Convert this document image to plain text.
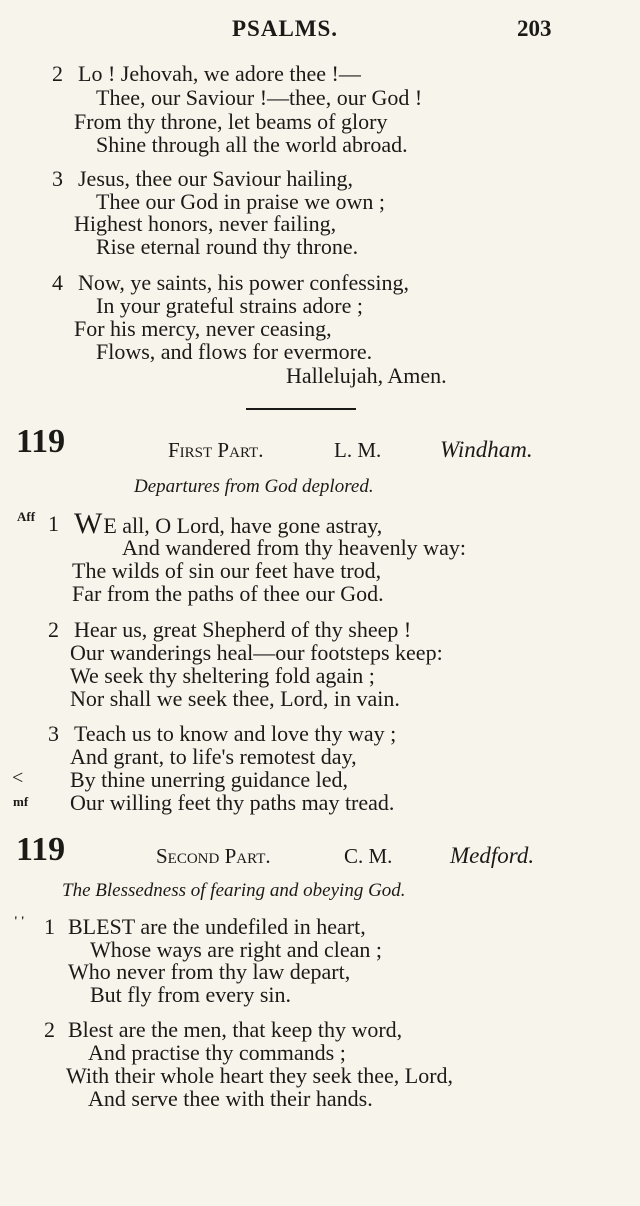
PSALMS.	203
2 Lo ! Jehovah, we adore thee !—
Thee, our Saviour !—thee, our God !
From thy throne, let beams of glory
Shine through all the world abroad.
3 Jesus, thee our Saviour hailing,
Thee our God in praise we own ;
Highest honors, never failing,
Rise eternal round thy throne.
4 Now, ye saints, his power confessing,
In your grateful strains adore ;
For his mercy, never ceasing,
Flows, and flows for evermore.
Hallelujah, Amen.
119	First Part.	L. M.	Windham.
Departures from God deplored.
Aff 1 WE all, O Lord, have gone astray,
And wandered from thy heavenly way:
The wilds of sin our feet have trod,
Far from the paths of thee our God.
2 Hear us, great Shepherd of thy sheep !
Our wanderings heal—our footsteps keep:
We seek thy sheltering fold again ;
Nor shall we seek thee, Lord, in vain.
3 Teach us to know and love thy way ;
And grant, to life's remotest day,
< By thine unerring guidance led,
mf Our willing feet thy paths may tread.
119	Second Part.	C. M.	Medford.
The Blessedness of fearing and obeying God.
' ' 1 BLEST are the undefiled in heart,
Whose ways are right and clean ;
Who never from thy law depart,
But fly from every sin.
2 Blest are the men, that keep thy word,
And practise thy commands ;
With their whole heart they seek thee, Lord,
And serve thee with their hands.
